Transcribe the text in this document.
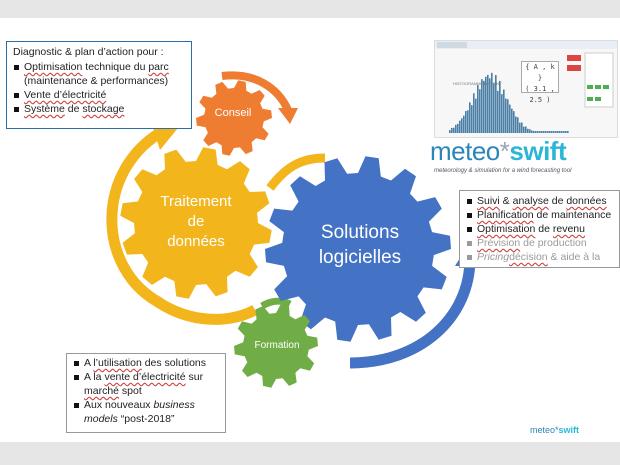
Conseil
Traitement
de
données	Solutions
logicielles
Formation
Diagnostic & plan d’action pour :
Optimisation technique du parc
(maintenance & performances)
Vente d’électricité
Système de stockage
A l’utilisation des solutions
A la vente d’électricité sur
marché spot
Aux nouveaux business
models “post-2018”
Suivi & analyse de données
Planification de maintenance
Optimisation de revenu
Prévision de production
Pricingdécision & aide à la
HISTOGRAMME DE VENT
{ A , k }
( 3.1 , 2.5 )
meteo*swift
meteorology & simulation for a wind forecasting tool
meteo*swift
